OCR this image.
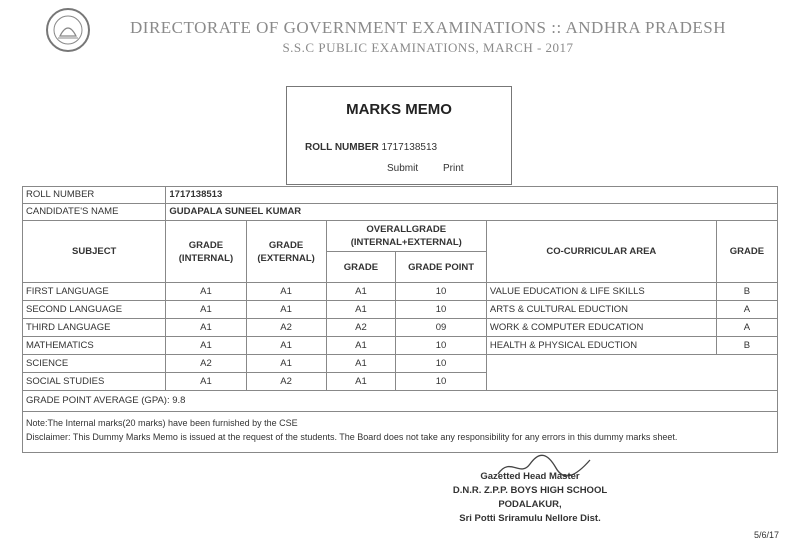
DIRECTORATE OF GOVERNMENT EXAMINATIONS :: ANDHRA PRADESH
S.S.C PUBLIC EXAMINATIONS, MARCH - 2017
MARKS MEMO
ROLL NUMBER 1717138513
Submit Print
ROLL NUMBER	1717138513					
CANDIDATE'S NAME	GUDAPALA SUNEEL KUMAR					
SUBJECT	GRADE (INTERNAL)	GRADE (EXTERNAL)	OVERALLGRADE (INTERNAL+EXTERNAL)		CO-CURRICULAR AREA	GRADE
			GRADE	GRADE POINT		
FIRST LANGUAGE	A1	A1	A1	10	VALUE EDUCATION & LIFE SKILLS	B
SECOND LANGUAGE	A1	A1	A1	10	ARTS & CULTURAL EDUCTION	A
THIRD LANGUAGE	A1	A2	A2	09	WORK & COMPUTER EDUCATION	A
MATHEMATICS	A1	A1	A1	10	HEALTH & PHYSICAL EDUCTION	B
SCIENCE	A2	A1	A1	10		
SOCIAL STUDIES	A1	A2	A1	10		
GRADE POINT AVERAGE (GPA): 9.8						

Note:The Internal marks(20 marks) have been furnished by the CSE
Disclaimer: This Dummy Marks Memo is issued at the request of the students. The Board does not take any responsibility for any errors in this dummy marks sheet.						
Gazetted Head Master
D.N.R. Z.P.P. BOYS HIGH SCHOOL
PODALAKUR,
Sri Potti Sriramulu Nellore Dist.
5/6/17
